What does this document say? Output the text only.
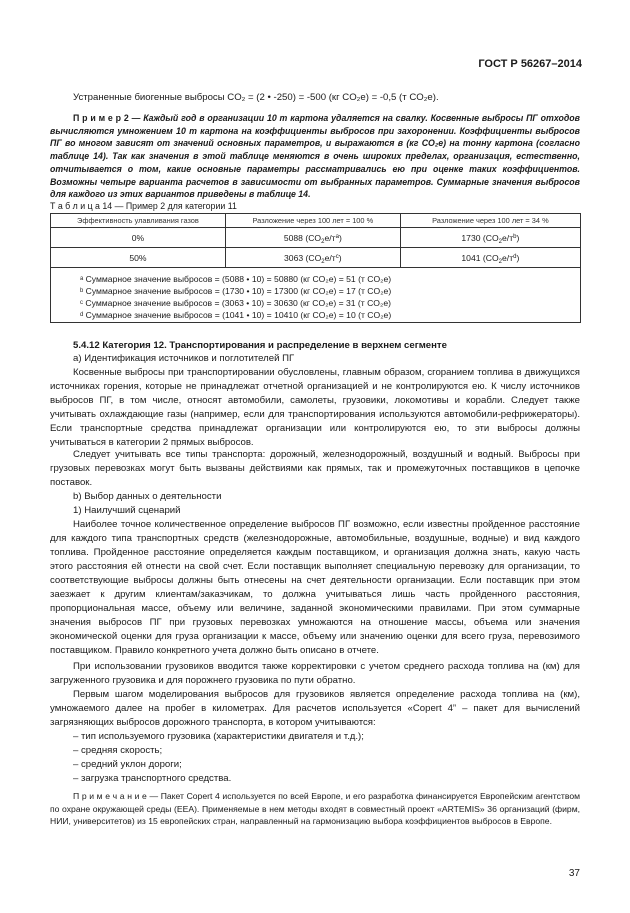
ГОСТ Р 56267–2014

Устраненные биогенные выбросы CO₂ = (2 • -250) = -500 (кг CO₂e) = -0,5 (т CO₂e).

П р и м е р 2 — Каждый год в организации 10 т картона удаляется на свалку. Косвенные выбросы ПГ отходов вычисляются умножением 10 т картона на коэффициенты выбросов при захоронении. Коэффициенты выбросов ПГ во многом зависят от значений основных параметров, и выражаются в (кг CO₂е) на тонну картона (согласно таблице 14). Так как значения в этой таблице меняются в очень широких пределах, организация, естественно, отчитывается о том, какие основные параметры рассматривались ею при оценке таких коэффициентов. Возможны четыре варианта расчетов в зависимости от выбранных параметров. Суммарные значения выбросов для каждого из этих вариантов приведены в таблице 14.

Т а б л и ц а 14 — Пример 2 для категории 11
Эффективность улавливания газов	Разложение через 100 лет = 100 %	Разложение через 100 лет = 34 %
0%	5088 $(CO_2е/т^a)$	1730 $(CO_2е/т^b)$
50%	3063 $(CO_2е/т^c)$	1041 $(CO_2е/т^d)$

ᵃ Суммарное значение выбросов = (5088 • 10) = 50880 (кг CO₂е) = 51 (т CO₂е)
ᵇ Суммарное значение выбросов = (1730 • 10) = 17300 (кг CO₂е) = 17 (т CO₂е)
ᶜ Суммарное значение выбросов = (3063 • 10) = 30630 (кг CO₂е) = 31 (т CO₂е)
ᵈ Суммарное значение выбросов = (1041 • 10) = 10410 (кг CO₂е) = 10 (т CO₂е)
5.4.12 Категория 12. Транспортирования и распределение в верхнем сегменте

а) Идентификация источников и поглотителей ПГ

Косвенные выбросы при транспортировании обусловлены, главным образом, сгоранием топлива в движущихся источниках горения, которые не принадлежат отчетной организацией и не контролируются ею. К числу источников выбросов ПГ, в том числе, относят автомобили, самолеты, грузовики, локомотивы и корабли. Следует также учитывать охлаждающие газы (например, если для транспортирования используются автомобили-рефрижераторы). Если транспортные средства принадлежат организации или контролируются ею, то эти выбросы должны учитываться в категории 2 прямых выбросов.

Следует учитывать все типы транспорта: дорожный, железнодорожный, воздушный и водный. Выбросы при грузовых перевозках могут быть вызваны действиями как прямых, так и промежуточных поставщиков в цепочке поставок.

b) Выбор данных о деятельности

1) Наилучший сценарий

Наиболее точное количественное определение выбросов ПГ возможно, если известны пройденное расстояние для каждого типа транспортных средств (железнодорожные, автомобильные, воздушные, водные) и вид каждого топлива. Пройденное расстояние определяется каждым поставщиком, и организация должна знать, какую часть этого расстояния ей отнести на свой счет. Если поставщик выполняет специальную перевозку для организации, то соответствующие выбросы должны быть отнесены на счет деятельности организации. Если поставщик при этом заезжает к другим клиентам/заказчикам, то должна учитываться лишь часть пройденного расстояния, пропорциональная массе, объему или величине, заданной экономическими правилами. При этом суммарные значения выбросов ПГ при грузовых перевозках умножаются на отношение массы, объема или значения экономической оценки для груза организации к массе, объему или значению оценки для всего груза, перевозимого поставщиком. Правило конкретного учета должно быть описано в отчете.

При использовании грузовиков вводится также корректировки с учетом среднего расхода топлива на (км) для загруженного грузовика и для порожнего грузовика по пути обратно.

Первым шагом моделирования выбросов для грузовиков является определение расхода топлива на (км), умножаемого далее на пробег в километрах. Для расчетов используется «Copert 4” – пакет для вычислений загрязняющих выбросов дорожного транспорта, в котором учитываются:

– тип используемого грузовика (характеристики двигателя и т.д.);

– средняя скорость;

– средний уклон дороги;

– загрузка транспортного средства.

П р и м е ч а н и е — Пакет Copert 4 используется по всей Европе, и его разработка финансируется Европейским агентством по охране окружающей среды (EEA). Применяемые в нем методы входят в совместный проект «ARTEMIS» 36 организаций (фирм, НИИ, университетов) из 15 европейских стран, направленный на гармонизацию выбора коэффициентов выбросов в Европе.

37
